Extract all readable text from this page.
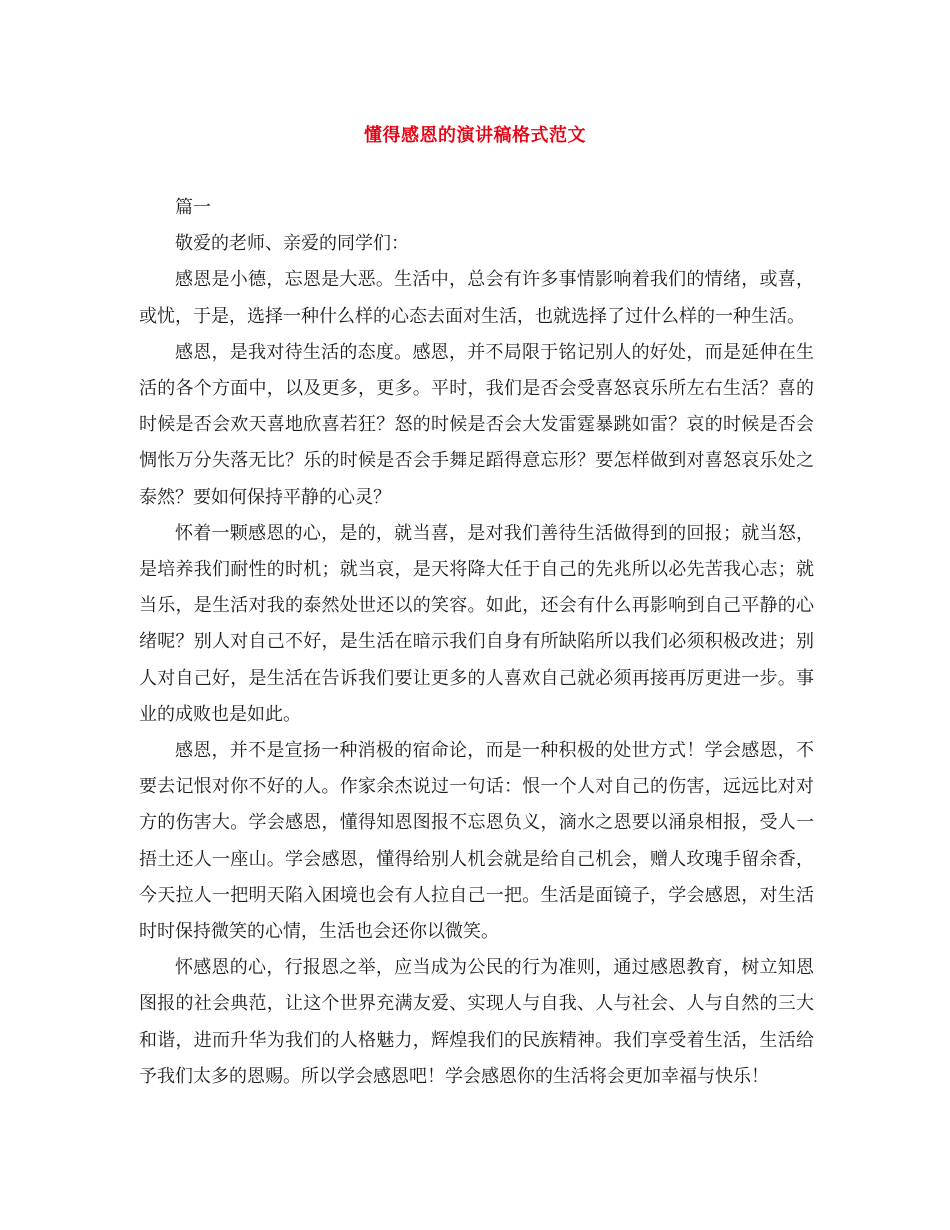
懂得感恩的演讲稿格式范文

篇一

敬爱的老师、亲爱的同学们：

感恩是小德，忘恩是大恶。生活中，总会有许多事情影响着我们的情绪，或喜，或忧，于是，选择一种什么样的心态去面对生活，也就选择了过什么样的一种生活。

感恩，是我对待生活的态度。感恩，并不局限于铭记别人的好处，而是延伸在生活的各个方面中，以及更多，更多。平时，我们是否会受喜怒哀乐所左右生活？喜的时候是否会欢天喜地欣喜若狂？怒的时候是否会大发雷霆暴跳如雷？哀的时候是否会惆怅万分失落无比？乐的时候是否会手舞足蹈得意忘形？要怎样做到对喜怒哀乐处之泰然？要如何保持平静的心灵？

怀着一颗感恩的心，是的，就当喜，是对我们善待生活做得到的回报；就当怒，是培养我们耐性的时机；就当哀，是天将降大任于自己的先兆所以必先苦我心志；就当乐，是生活对我的泰然处世还以的笑容。如此，还会有什么再影响到自己平静的心绪呢？别人对自己不好，是生活在暗示我们自身有所缺陷所以我们必须积极改进；别人对自己好，是生活在告诉我们要让更多的人喜欢自己就必须再接再厉更进一步。事业的成败也是如此。

感恩，并不是宣扬一种消极的宿命论，而是一种积极的处世方式！学会感恩，不要去记恨对你不好的人。作家余杰说过一句话：恨一个人对自己的伤害，远远比对对方的伤害大。学会感恩，懂得知恩图报不忘恩负义，滴水之恩要以涌泉相报，受人一捂土还人一座山。学会感恩，懂得给别人机会就是给自己机会，赠人玫瑰手留余香，今天拉人一把明天陷入困境也会有人拉自己一把。生活是面镜子，学会感恩，对生活时时保持微笑的心情，生活也会还你以微笑。

怀感恩的心，行报恩之举，应当成为公民的行为准则，通过感恩教育，树立知恩图报的社会典范，让这个世界充满友爱、实现人与自我、人与社会、人与自然的三大和谐，进而升华为我们的人格魅力，辉煌我们的民族精神。我们享受着生活，生活给予我们太多的恩赐。所以学会感恩吧！学会感恩你的生活将会更加幸福与快乐！
